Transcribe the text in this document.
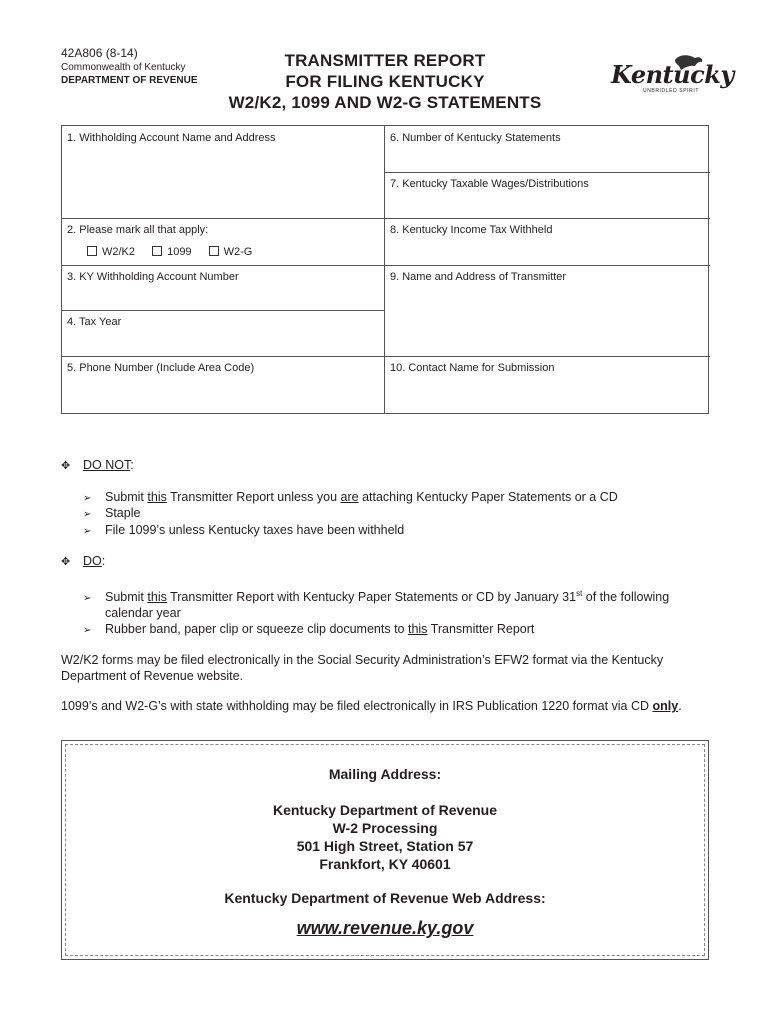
42A806 (8-14)
Commonwealth of Kentucky
DEPARTMENT OF REVENUE
TRANSMITTER REPORT
FOR FILING KENTUCKY
W2/K2, 1099 AND W2-G STATEMENTS
Kentucky
UNBRIDLED SPIRIT
1. Withholding Account Name and Address
2. Please mark all that apply:
3. KY Withholding Account Number
4. Tax Year
5. Phone Number (Include Area Code)
6. Number of Kentucky Statements
7. Kentucky Taxable Wages/Distributions
8. Kentucky Income Tax Withheld
9. Name and Address of Transmitter
10. Contact Name for Submission
W2/K2	1099	W2-G
✥ DO NOT:
➢ Submit this Transmitter Report unless you are attaching Kentucky Paper Statements or a CD
➢ Staple
➢ File 1099’s unless Kentucky taxes have been withheld
✥ DO:
➢ Submit this Transmitter Report with Kentucky Paper Statements or CD by January 31st of the following
calendar year
➢ Rubber band, paper clip or squeeze clip documents to this Transmitter Report
W2/K2 forms may be filed electronically in the Social Security Administration’s EFW2 format via the Kentucky Department of Revenue website.
1099’s and W2-G’s with state withholding may be filed electronically in IRS Publication 1220 format via CD only.
Mailing Address:
Kentucky Department of Revenue
W-2 Processing
501 High Street, Station 57
Frankfort, KY 40601
Kentucky Department of Revenue Web Address:
www.revenue.ky.gov
